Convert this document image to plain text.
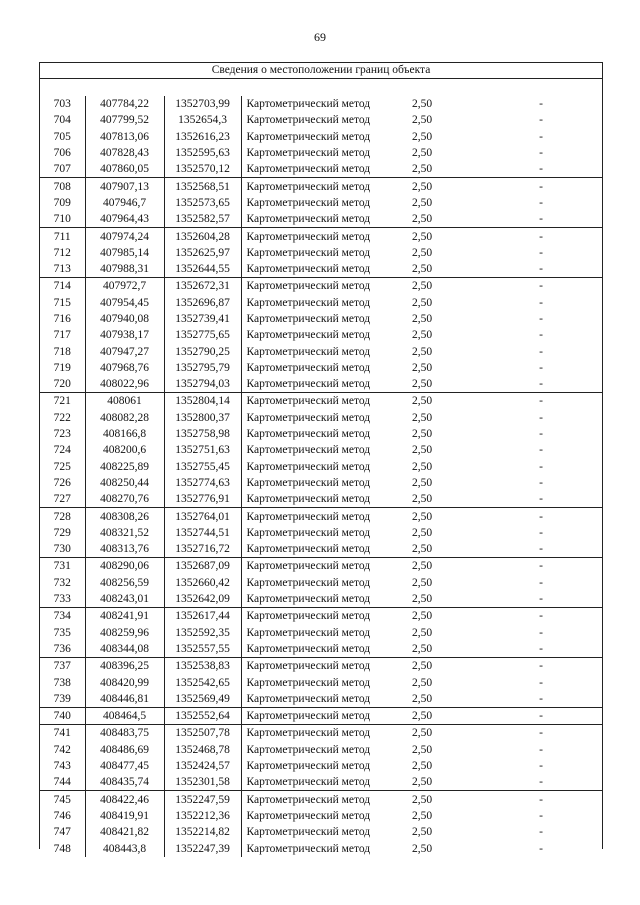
69
Сведения о местоположении границ объекта
703	407784,22	1352703,99	Картометрический метод	2,50	-
704	407799,52	1352654,3	Картометрический метод	2,50	-
705	407813,06	1352616,23	Картометрический метод	2,50	-
706	407828,43	1352595,63	Картометрический метод	2,50	-
707	407860,05	1352570,12	Картометрический метод	2,50	-
708	407907,13	1352568,51	Картометрический метод	2,50	-
709	407946,7	1352573,65	Картометрический метод	2,50	-
710	407964,43	1352582,57	Картометрический метод	2,50	-
711	407974,24	1352604,28	Картометрический метод	2,50	-
712	407985,14	1352625,97	Картометрический метод	2,50	-
713	407988,31	1352644,55	Картометрический метод	2,50	-
714	407972,7	1352672,31	Картометрический метод	2,50	-
715	407954,45	1352696,87	Картометрический метод	2,50	-
716	407940,08	1352739,41	Картометрический метод	2,50	-
717	407938,17	1352775,65	Картометрический метод	2,50	-
718	407947,27	1352790,25	Картометрический метод	2,50	-
719	407968,76	1352795,79	Картометрический метод	2,50	-
720	408022,96	1352794,03	Картометрический метод	2,50	-
721	408061	1352804,14	Картометрический метод	2,50	-
722	408082,28	1352800,37	Картометрический метод	2,50	-
723	408166,8	1352758,98	Картометрический метод	2,50	-
724	408200,6	1352751,63	Картометрический метод	2,50	-
725	408225,89	1352755,45	Картометрический метод	2,50	-
726	408250,44	1352774,63	Картометрический метод	2,50	-
727	408270,76	1352776,91	Картометрический метод	2,50	-
728	408308,26	1352764,01	Картометрический метод	2,50	-
729	408321,52	1352744,51	Картометрический метод	2,50	-
730	408313,76	1352716,72	Картометрический метод	2,50	-
731	408290,06	1352687,09	Картометрический метод	2,50	-
732	408256,59	1352660,42	Картометрический метод	2,50	-
733	408243,01	1352642,09	Картометрический метод	2,50	-
734	408241,91	1352617,44	Картометрический метод	2,50	-
735	408259,96	1352592,35	Картометрический метод	2,50	-
736	408344,08	1352557,55	Картометрический метод	2,50	-
737	408396,25	1352538,83	Картометрический метод	2,50	-
738	408420,99	1352542,65	Картометрический метод	2,50	-
739	408446,81	1352569,49	Картометрический метод	2,50	-
740	408464,5	1352552,64	Картометрический метод	2,50	-
741	408483,75	1352507,78	Картометрический метод	2,50	-
742	408486,69	1352468,78	Картометрический метод	2,50	-
743	408477,45	1352424,57	Картометрический метод	2,50	-
744	408435,74	1352301,58	Картометрический метод	2,50	-
745	408422,46	1352247,59	Картометрический метод	2,50	-
746	408419,91	1352212,36	Картометрический метод	2,50	-
747	408421,82	1352214,82	Картометрический метод	2,50	-
748	408443,8	1352247,39	Картометрический метод	2,50	-
